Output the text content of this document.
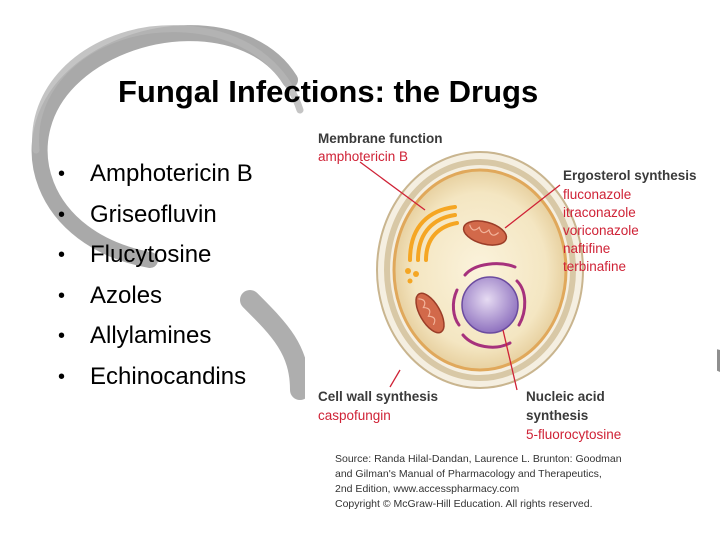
Fungal Infections: the Drugs
•	Amphotericin B
•	Griseofluvin
•	Flucytosine
•	Azoles
•	Allylamines
•	Echinocandins
Membrane function
amphotericin B
Ergosterol synthesis
fluconazole
itraconazole
voriconazole
naftifine
terbinafine
Cell wall synthesis
caspofungin
Nucleic acid
synthesis
5-fluorocytosine
Source: Randa Hilal-Dandan, Laurence L. Brunton: Goodman
and Gilman's Manual of Pharmacology and Therapeutics,
2nd Edition, www.accesspharmacy.com
Copyright © McGraw-Hill Education. All rights reserved.
